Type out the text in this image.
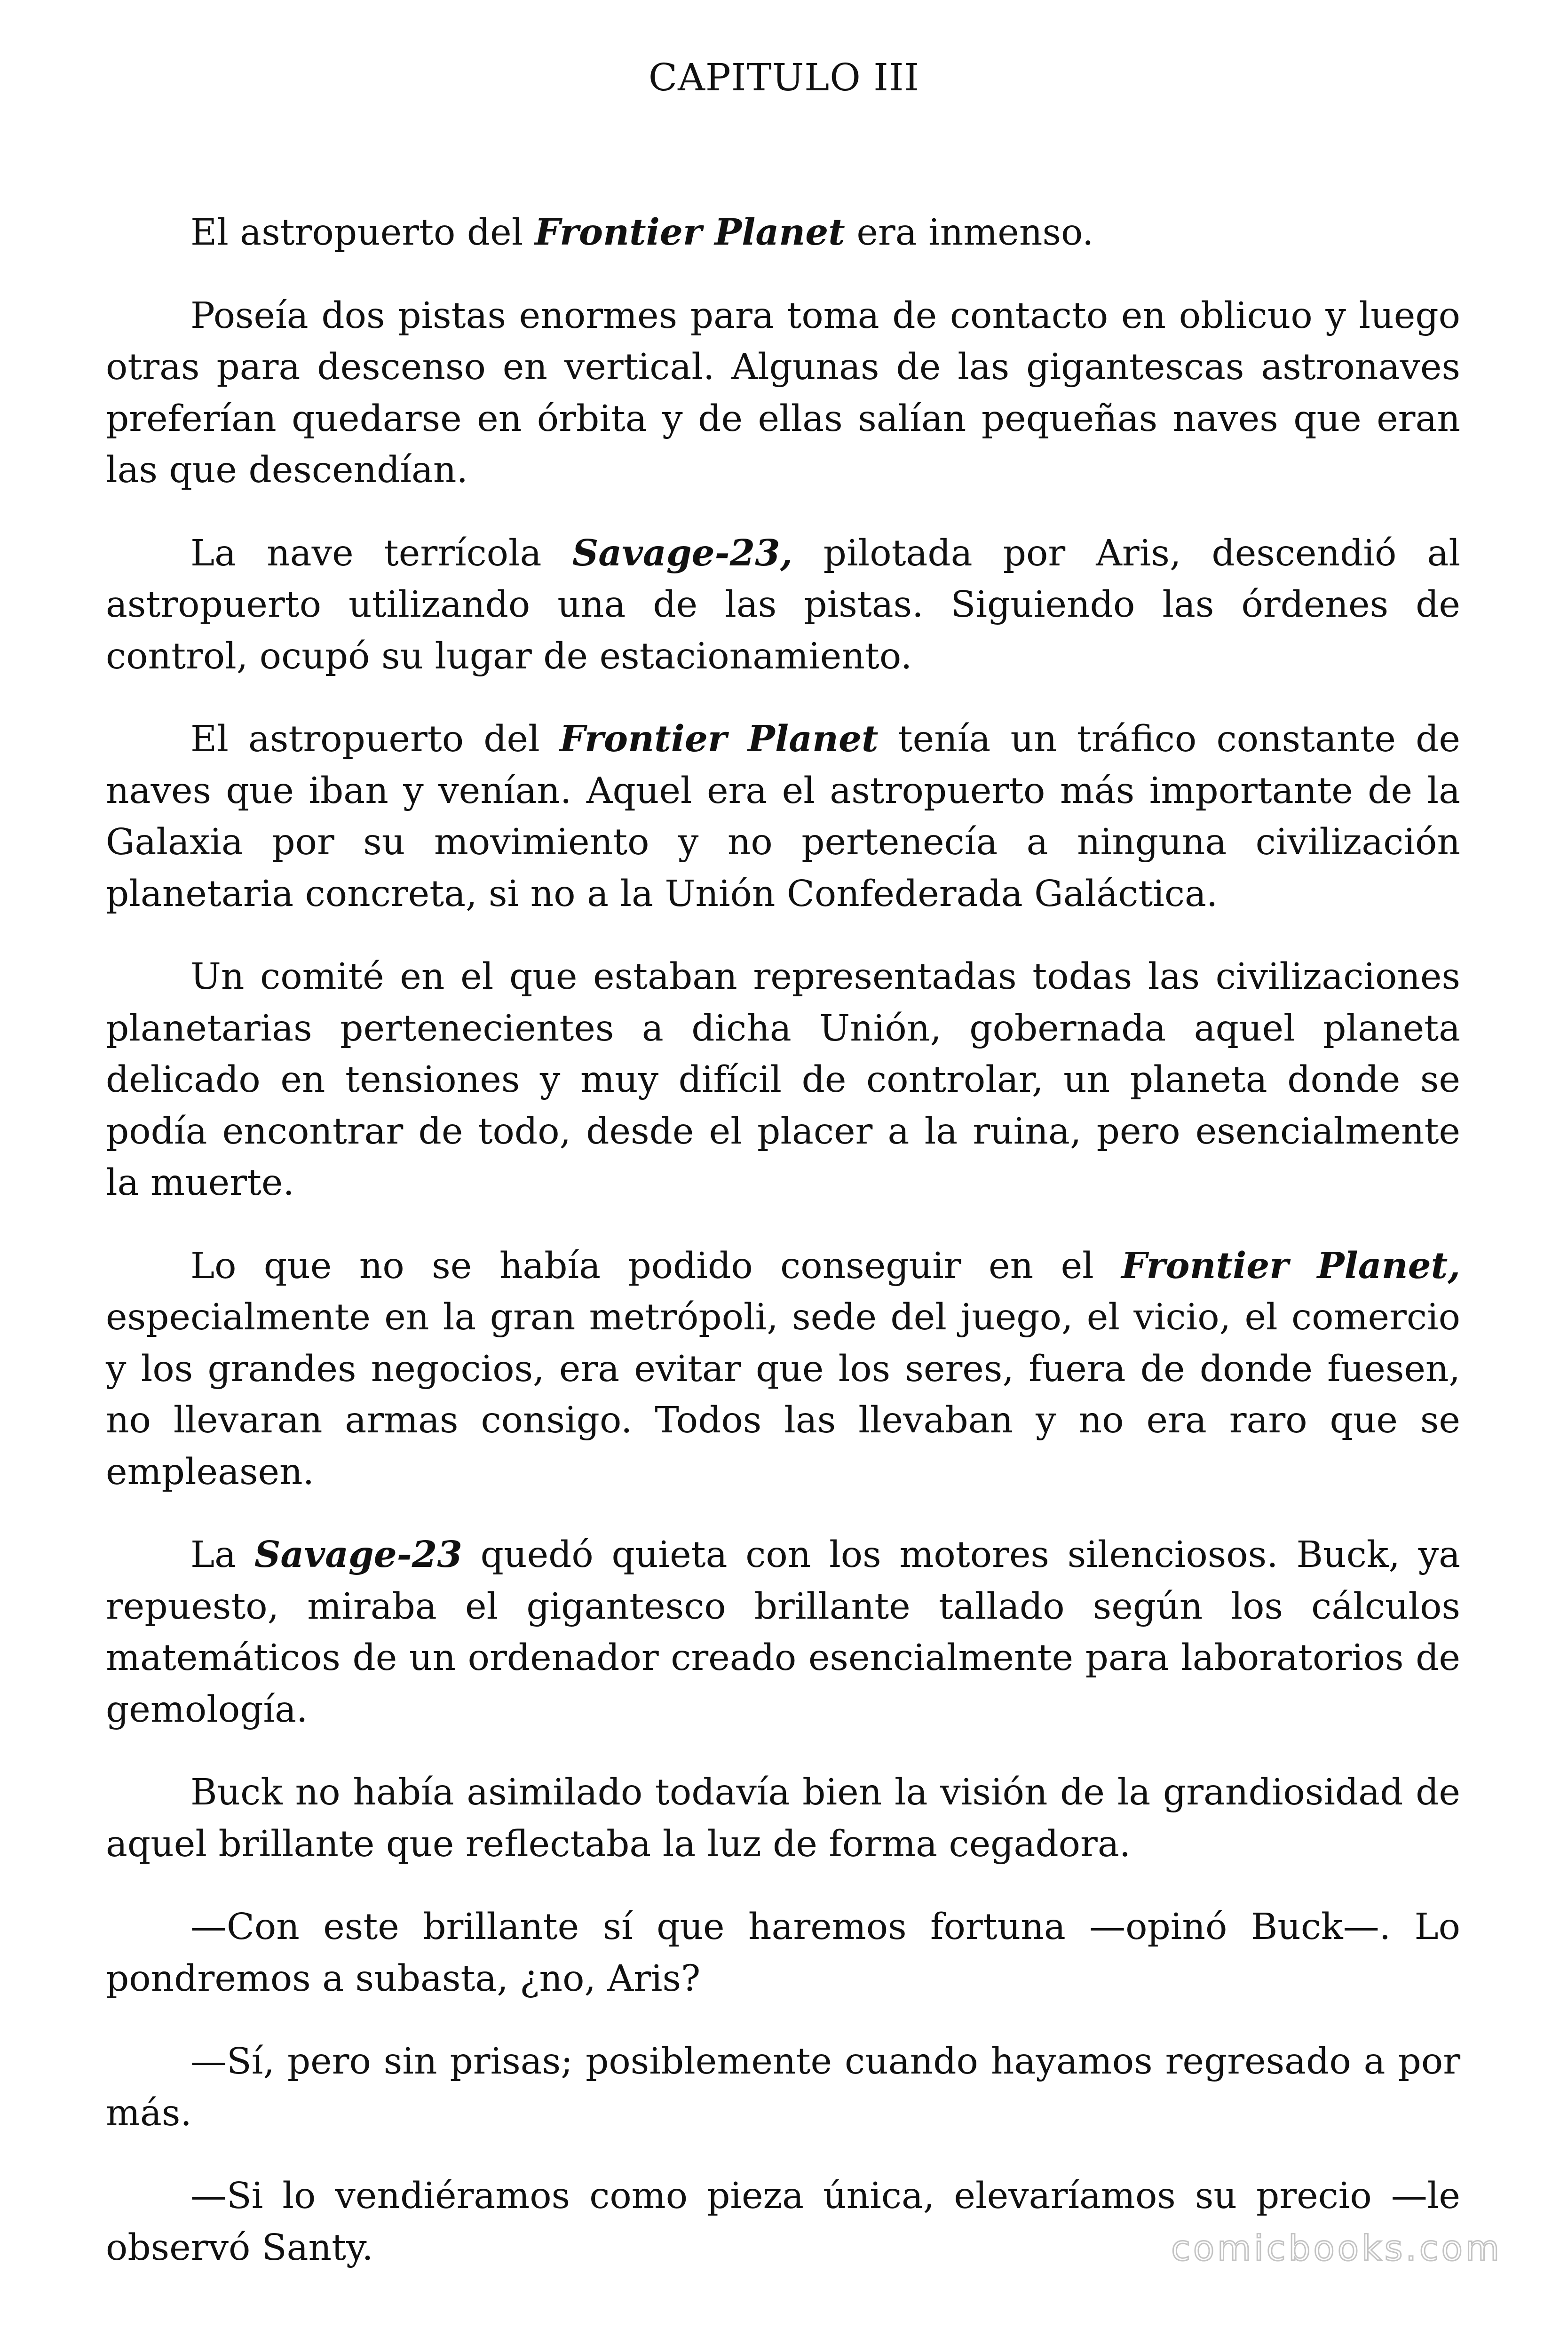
CAPITULO III

El astropuerto del Frontier Planet era inmenso.

Poseía dos pistas enormes para toma de contacto en oblicuo y luego otras para descenso en vertical. Algunas de las gigantescas astronaves preferían quedarse en órbita y de ellas salían pequeñas naves que eran las que descendían.

La nave terrícola Savage-23, pilotada por Aris, descendió al astropuerto utilizando una de las pistas. Siguiendo las órdenes de control, ocupó su lugar de estacionamiento.

El astropuerto del Frontier Planet tenía un tráfico constante de naves que iban y venían. Aquel era el astropuerto más importante de la Galaxia por su movimiento y no pertenecía a ninguna civilización planetaria concreta, si no a la Unión Confederada Galáctica.

Un comité en el que estaban representadas todas las civilizaciones planetarias pertenecientes a dicha Unión, gobernada aquel planeta delicado en tensiones y muy difícil de controlar, un planeta donde se podía encontrar de todo, desde el placer a la ruina, pero esencialmente la muerte.

Lo que no se había podido conseguir en el Frontier Planet, especialmente en la gran metrópoli, sede del juego, el vicio, el comercio y los grandes negocios, era evitar que los seres, fuera de donde fuesen, no llevaran armas consigo. Todos las llevaban y no era raro que se empleasen.

La Savage-23 quedó quieta con los motores silenciosos. Buck, ya repuesto, miraba el gigantesco brillante tallado según los cálculos matemáticos de un ordenador creado esencialmente para laboratorios de gemología.

Buck no había asimilado todavía bien la visión de la grandiosidad de aquel brillante que reflectaba la luz de forma cegadora.

—Con este brillante sí que haremos fortuna —opinó Buck—. Lo pondremos a subasta, ¿no, Aris?

—Sí, pero sin prisas; posiblemente cuando hayamos regresado a por más.

—Si lo vendiéramos como pieza única, elevaríamos su precio —le observó Santy.	comicbooks.com
